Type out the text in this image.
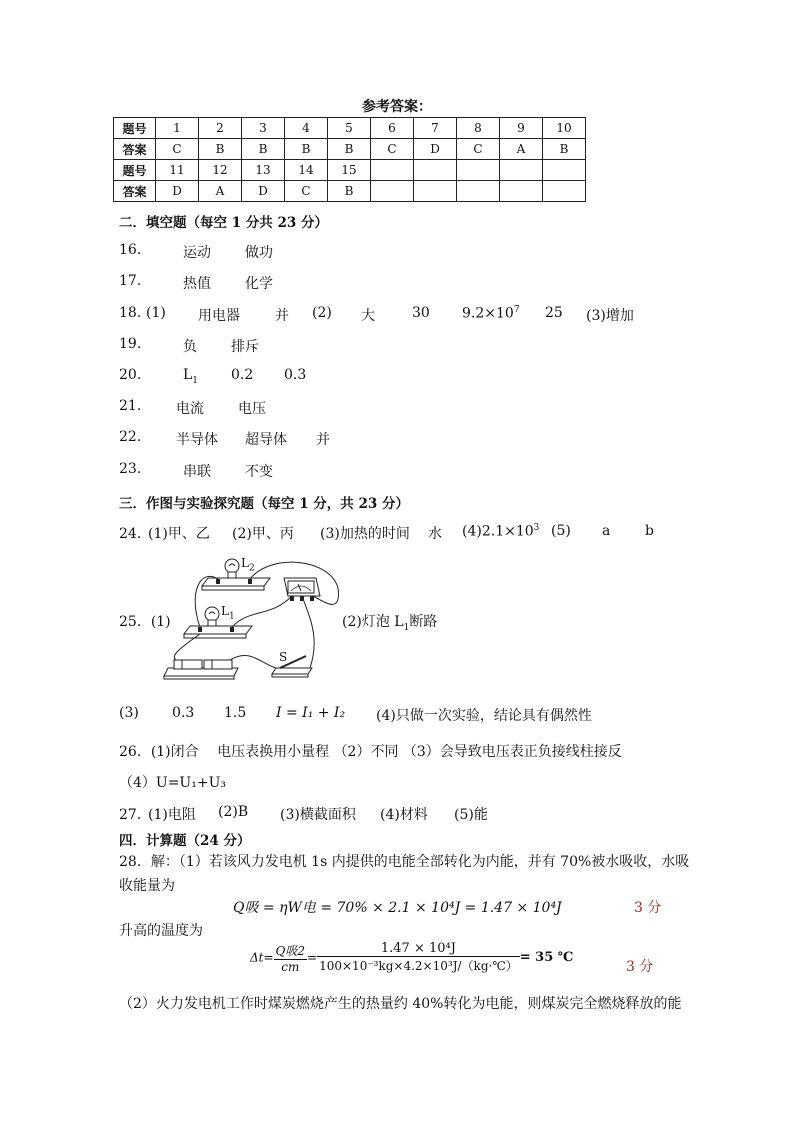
参考答案：
题号	1	2	3	4	5	6	7	8	9	10
答案	C	B	B	B	B	C	D	C	A	B
题号	11	12	13	14	15					
答案	D	A	D	C	B					
二．填空题（每空 1 分共 23 分）
16.	运动 做功
17.	热值 化学
18. (1) 用电器	并 (2) 大	30 $9.2\times 10^7$ 25 (3)增加
19.	负 排斥
20.	$L_1$ 0.2 0.3
21. 电流 电压
22. 半导体 超导体 并
23.	串联 不变
三．作图与实验探究题（每空 1 分，共 23 分）
24．
(1)甲、乙 (2)甲、丙 (3)加热的时间 水 $(4)2.1\times 10^3$ (5) a b
25．(1)
$L_2$
$L_1$
S
(2)灯泡 $L_1$断路
(3) 0.3 1.5 I = I₁ + I₂ (4)只做一次实验，结论具有偶然性
26．(1)闭合　 电压表换用小量程 （2）不同 （3）会导致电压表正负接线柱接反
（4）U=U₁+U₃
27．
(1)电阻 (2)B (3)横截面积 (4)材料 (5)能
四．计算题（24 分）
28．解：（1）若该风力发电机 1s 内提供的电能全部转化为内能，并有 70%被水吸收，水吸
收能量为
Q吸 = ηW电 = 70% × 2.1 × 10⁴J = 1.47 × 10⁴J	3 分
升高的温度为
$\Delta t= \frac{\text{Q吸2}}{cm} = \frac{\text{1.47 × 10⁴J}}{\text{100×10⁻³kg×4.2×10³J/（kg·℃）}} = 35$ ℃
3 分
（2）火力发电机工作时煤炭燃烧产生的热量约 40%转化为电能，则煤炭完全燃烧释放的能
